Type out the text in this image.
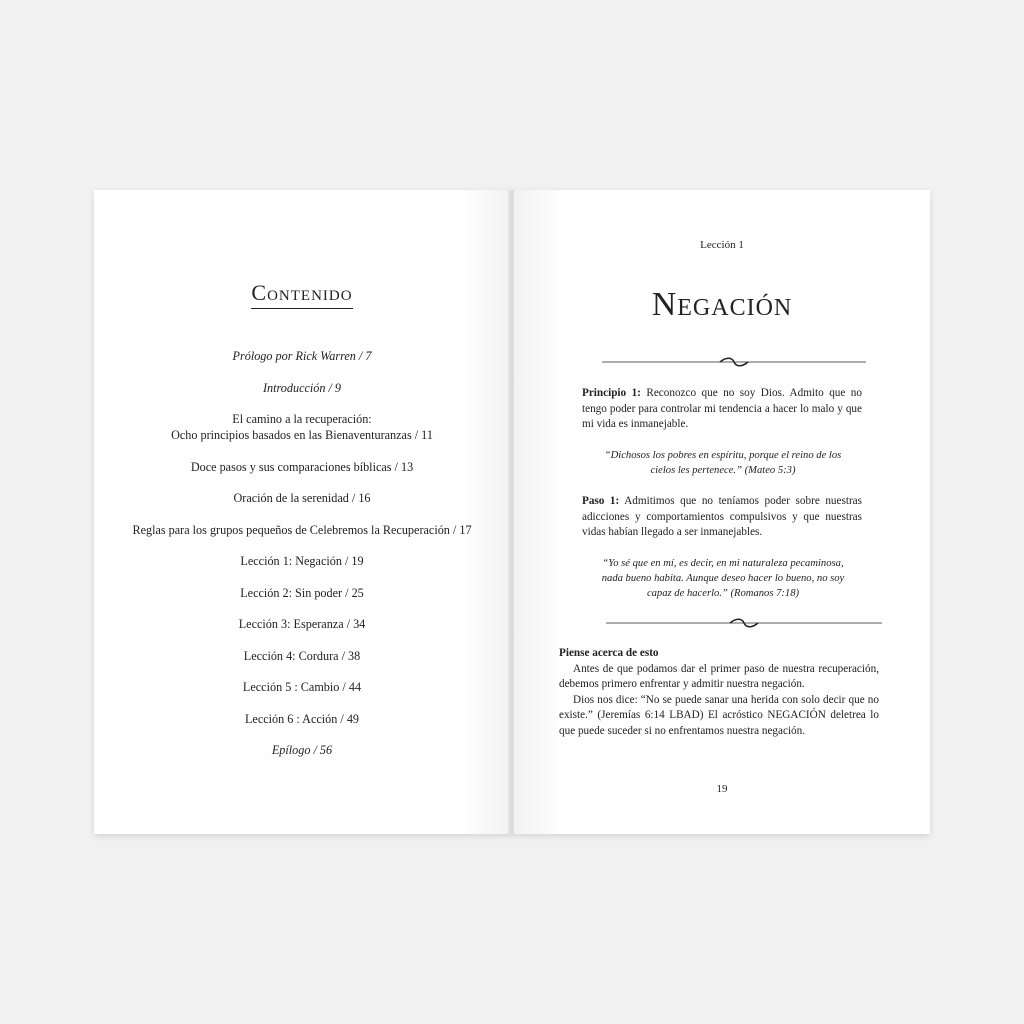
Contenido
Prólogo por Rick Warren / 7
Introducción / 9
El camino a la recuperación:
Ocho principios basados en las Bienaventuranzas / 11
Doce pasos y sus comparaciones bíblicas / 13
Oración de la serenidad / 16
Reglas para los grupos pequeños de Celebremos la Recuperación / 17
Lección 1: Negación / 19
Lección 2: Sin poder / 25
Lección 3: Esperanza / 34
Lección 4: Cordura / 38
Lección 5 : Cambio / 44
Lección 6 : Acción / 49
Epílogo / 56
Lección 1
Negación
Principio 1: Reconozco que no soy Dios. Admito que no tengo poder para controlar mi tendencia a hacer lo malo y que mi vida es inmanejable.
“Dichosos los pobres en espíritu, porque el reino de los cielos les pertenece.” (Mateo 5:3)
Paso 1: Admitimos que no teníamos poder sobre nuestras adicciones y comportamientos compulsivos y que nuestras vidas habían llegado a ser inmanejables.
“Yo sé que en mí, es decir, en mi naturaleza pecaminosa, nada bueno habita. Aunque deseo hacer lo bueno, no soy capaz de hacerlo.” (Romanos 7:18)
Piense acerca de esto

Antes de que podamos dar el primer paso de nuestra recuperación, debemos primero enfrentar y admitir nuestra negación.

Dios nos dice: “No se puede sanar una herida con solo decir que no existe.” (Jeremías 6:14 LBAD) El acróstico NEGACIÓN deletrea lo que puede suceder si no enfrentamos nuestra negación.

19
